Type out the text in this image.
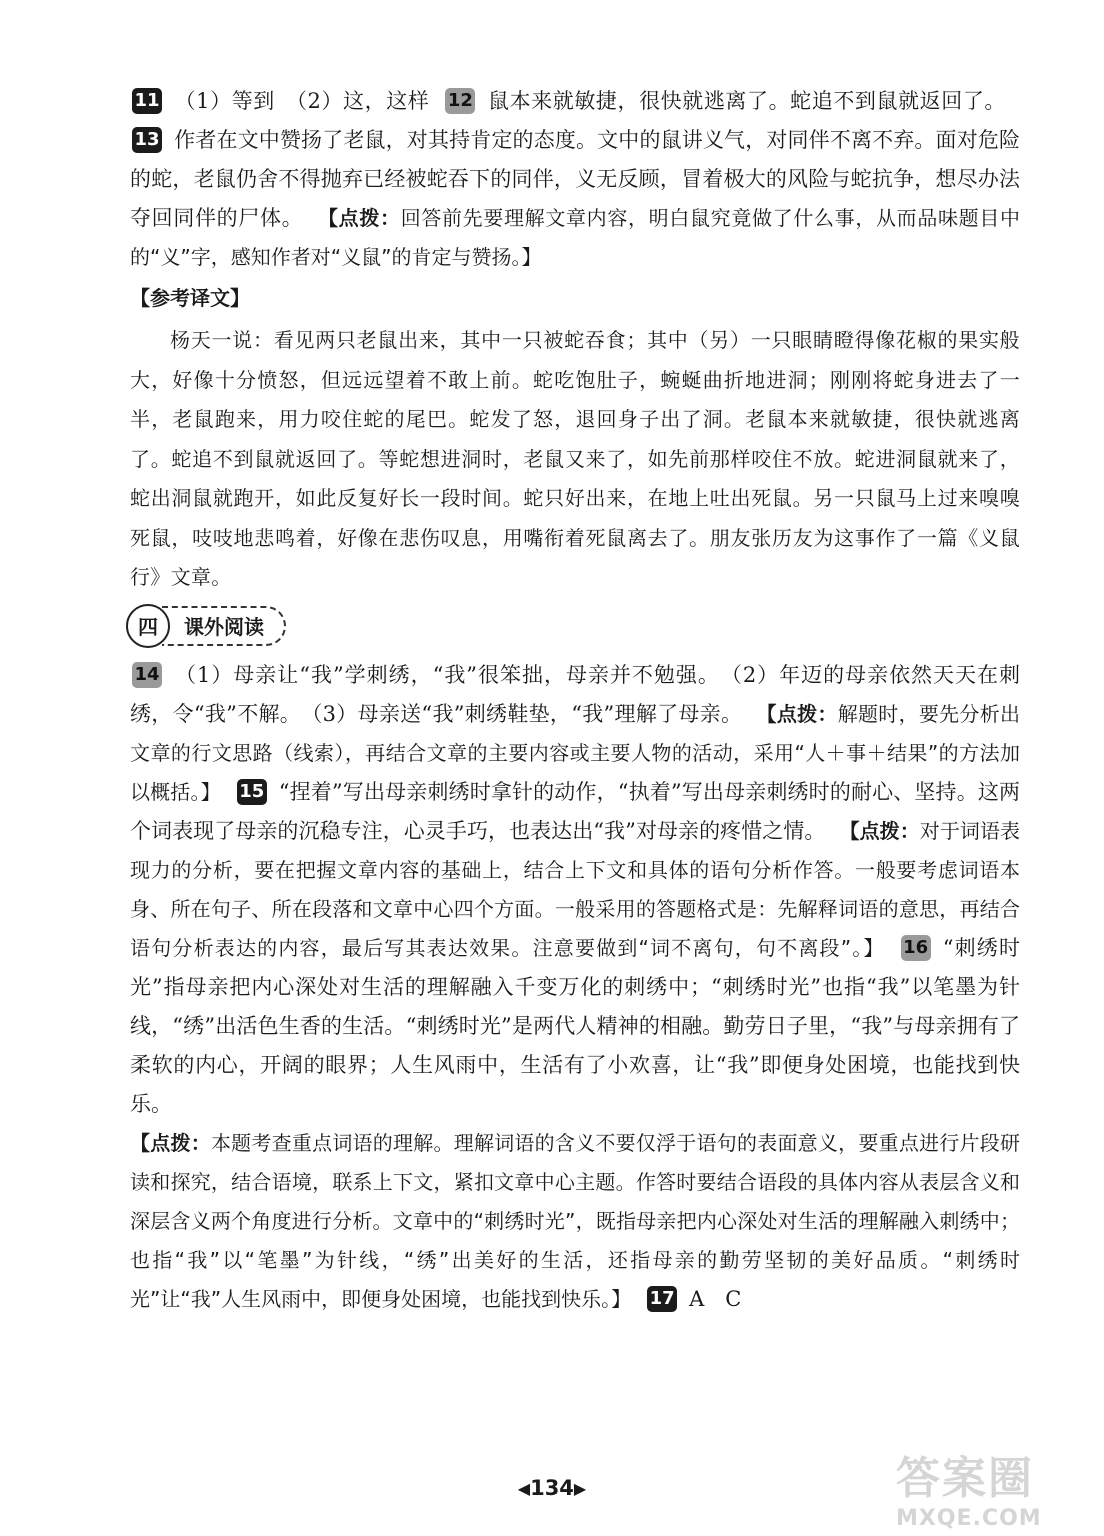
11 （1）等到　（2）这，这样 12 鼠本来就敏捷，很快就逃离了。蛇追不到鼠就返回了。13 作者在文中赞扬了老鼠，对其持肯定的态度。文中的鼠讲义气，对同伴不离不弃。面对危险的蛇，老鼠仍舍不得抛弃已经被蛇吞下的同伴，义无反顾，冒着极大的风险与蛇抗争，想尽办法夺回同伴的尸体。 【点拨：回答前先要理解文章内容，明白鼠究竟做了什么事，从而品味题目中的“义”字，感知作者对“义鼠”的肯定与赞扬。】

【参考译文】

杨天一说：看见两只老鼠出来，其中一只被蛇吞食；其中（另）一只眼睛瞪得像花椒的果实般大，好像十分愤怒，但远远望着不敢上前。蛇吃饱肚子，蜿蜒曲折地进洞；刚刚将蛇身进去了一半，老鼠跑来，用力咬住蛇的尾巴。蛇发了怒，退回身子出了洞。老鼠本来就敏捷，很快就逃离了。蛇追不到鼠就返回了。等蛇想进洞时，老鼠又来了，如先前那样咬住不放。蛇进洞鼠就来了，蛇出洞鼠就跑开，如此反复好长一段时间。蛇只好出来，在地上吐出死鼠。另一只鼠马上过来嗅嗅死鼠，吱吱地悲鸣着，好像在悲伤叹息，用嘴衔着死鼠离去了。朋友张历友为这事作了一篇《义鼠行》文章。

四	课外阅读

14 （1）母亲让“我”学刺绣，“我”很笨拙，母亲并不勉强。　（2）年迈的母亲依然天天在刺绣，令“我”不解。　（3）母亲送“我”刺绣鞋垫，“我”理解了母亲。 【点拨：解题时，要先分析出文章的行文思路（线索），再结合文章的主要内容或主要人物的活动，采用“人＋事＋结果”的方法加以概括。】 15 “捏着”写出母亲刺绣时拿针的动作，“执着”写出母亲刺绣时的耐心、坚持。这两个词表现了母亲的沉稳专注，心灵手巧，也表达出“我”对母亲的疼惜之情。 【点拨：对于词语表现力的分析，要在把握文章内容的基础上，结合上下文和具体的语句分析作答。一般要考虑词语本身、所在句子、所在段落和文章中心四个方面。一般采用的答题格式是：先解释词语的意思，再结合语句分析表达的内容，最后写其表达效果。注意要做到“词不离句，句不离段”。】 16 “刺绣时光”指母亲把内心深处对生活的理解融入千变万化的刺绣中；“刺绣时光”也指“我”以笔墨为针线，“绣”出活色生香的生活。“刺绣时光”是两代人精神的相融。勤劳日子里，“我”与母亲拥有了柔软的内心，开阔的眼界；人生风雨中，生活有了小欢喜，让“我”即便身处困境，也能找到快乐。

【点拨：本题考查重点词语的理解。理解词语的含义不要仅浮于语句的表面意义，要重点进行片段研读和探究，结合语境，联系上下文，紧扣文章中心主题。作答时要结合语段的具体内容从表层含义和深层含义两个角度进行分析。文章中的“刺绣时光”，既指母亲把内心深处对生活的理解融入刺绣中；也指“我”以“笔墨”为针线，“绣”出美好的生活，还指母亲的勤劳坚韧的美好品质。“刺绣时光”让“我”人生风雨中，即便身处困境，也能找到快乐。】 17 A　C

◀134▶	答案圈
MXQE.COM
